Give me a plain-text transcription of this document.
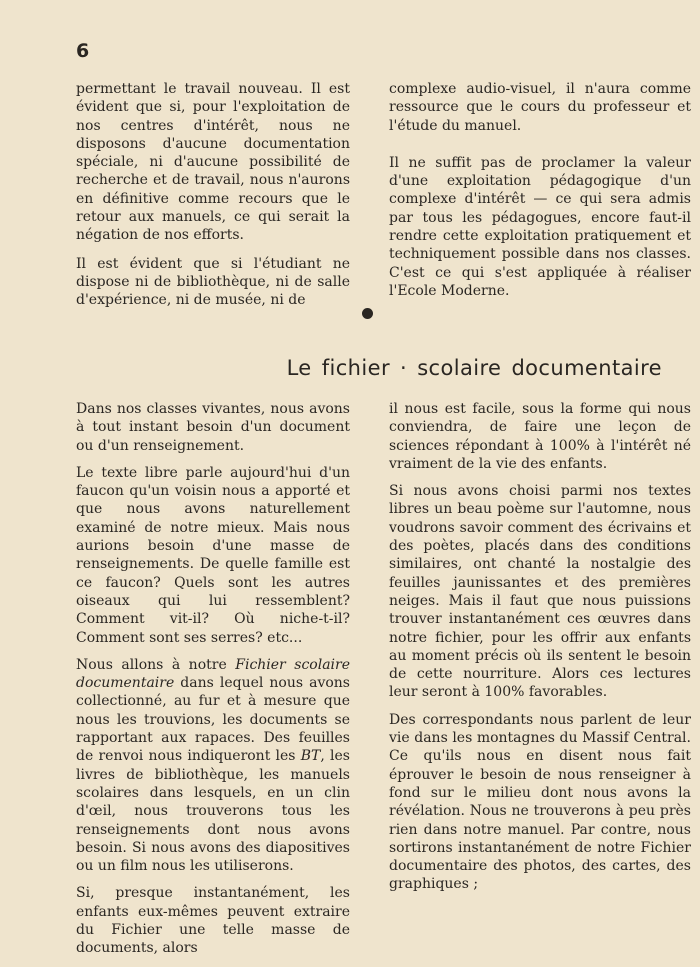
6

permettant le travail nouveau. Il est évident que si, pour l'exploitation de nos centres d'intérêt, nous ne disposons d'aucune documentation spéciale, ni d'aucune possibilité de recherche et de travail, nous n'aurons en définitive comme recours que le retour aux manuels, ce qui serait la négation de nos efforts.

Il est évident que si l'étudiant ne dispose ni de bibliothèque, ni de salle d'expérience, ni de musée, ni de

complexe audio-visuel, il n'aura comme ressource que le cours du professeur et l'étude du manuel.

Il ne suffit pas de proclamer la valeur d'une exploitation pédagogique d'un complexe d'intérêt — ce qui sera admis par tous les pédagogues, encore faut-il rendre cette exploitation pratiquement et techniquement possible dans nos classes. C'est ce qui s'est appliquée à réaliser l'Ecole Moderne.

Le fichier · scolaire documentaire

Dans nos classes vivantes, nous avons à tout instant besoin d'un document ou d'un renseignement.

Le texte libre parle aujourd'hui d'un faucon qu'un voisin nous a apporté et que nous avons naturellement examiné de notre mieux. Mais nous aurions besoin d'une masse de renseignements. De quelle famille est ce faucon? Quels sont les autres oiseaux qui lui ressemblent? Comment vit-il? Où niche-t-il? Comment sont ses serres? etc...

Nous allons à notre Fichier scolaire documentaire dans lequel nous avons collectionné, au fur et à mesure que nous les trouvions, les documents se rapportant aux rapaces. Des feuilles de renvoi nous indiqueront les BT, les livres de bibliothèque, les manuels scolaires dans lesquels, en un clin d'œil, nous trouverons tous les renseignements dont nous avons besoin. Si nous avons des diapositives ou un film nous les utiliserons.

Si, presque instantanément, les enfants eux-mêmes peuvent extraire du Fichier une telle masse de documents, alors

il nous est facile, sous la forme qui nous conviendra, de faire une leçon de sciences répondant à 100% à l'intérêt né vraiment de la vie des enfants.

Si nous avons choisi parmi nos textes libres un beau poème sur l'automne, nous voudrons savoir comment des écrivains et des poètes, placés dans des conditions similaires, ont chanté la nostalgie des feuilles jaunissantes et des premières neiges. Mais il faut que nous puissions trouver instantanément ces œuvres dans notre fichier, pour les offrir aux enfants au moment précis où ils sentent le besoin de cette nourriture. Alors ces lectures leur seront à 100% favorables.

Des correspondants nous parlent de leur vie dans les montagnes du Massif Central. Ce qu'ils nous en disent nous fait éprouver le besoin de nous renseigner à fond sur le milieu dont nous avons la révélation. Nous ne trouverons à peu près rien dans notre manuel. Par contre, nous sortirons instantanément de notre Fichier documentaire des photos, des cartes, des graphiques ;
